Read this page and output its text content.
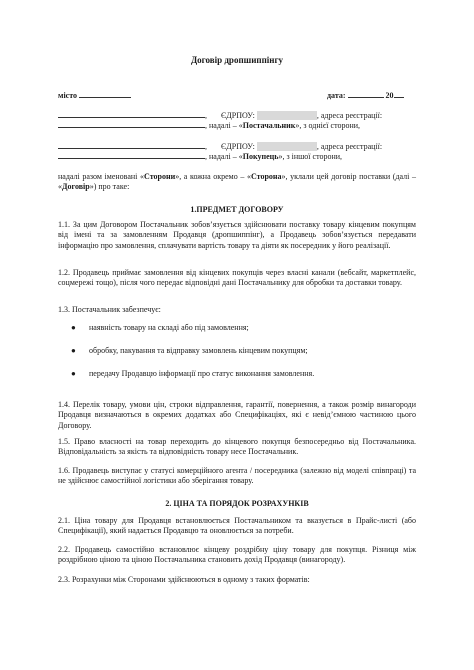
Договір дропшиппінгу
місто	дата:	20
, ЄДРПОУ:	, адреса реєстрації:
, надалі – «Постачальник», з однієї сторони,
, ЄДРПОУ:	, адреса реєстрації:
, надалі – «Покупець», з іншої сторони,

надалі разом іменовані «Сторони», а кожна окремо – «Сторона», уклали цей договір поставки (далі – «Договір») про таке:

1.ПРЕДМЕТ ДОГОВОРУ

1.1. За цим Договором Постачальник зобов’язується здійснювати поставку товару кінцевим покупцям від імені та за замовленням Продавця (дропшиппінг), а Продавець зобов’язується передавати інформацію про замовлення, сплачувати вартість товару та діяти як посередник у його реалізації.

1.2. Продавець приймає замовлення від кінцевих покупців через власні канали (вебсайт, маркетплейс, соцмережі тощо), після чого передає відповідні дані Постачальнику для обробки та доставки товару.

1.3. Постачальник забезпечує:

● наявність товару на складі або під замовлення;
● обробку, пакування та відправку замовлень кінцевим покупцям;
● передачу Продавцю інформації про статус виконання замовлення.

1.4. Перелік товару, умови цін, строки відправлення, гарантії, повернення, а також розмір винагороди Продавця визначаються в окремих додатках або Специфікаціях, які є невід’ємною частиною цього Договору.

1.5. Право власності на товар переходить до кінцевого покупця безпосередньо від Постачальника. Відповідальність за якість та відповідність товару несе Постачальник.

1.6. Продавець виступає у статусі комерційного агента / посередника (залежно від моделі співпраці) та не здійснює самостійної логістики або зберігання товару.

2. ЦІНА ТА ПОРЯДОК РОЗРАХУНКІВ

2.1. Ціна товару для Продавця встановлюється Постачальником та вказується в Прайс-листі (або Специфікації), який надається Продавцю та оновлюється за потреби.

2.2. Продавець самостійно встановлює кінцеву роздрібну ціну товару для покупця. Різниця між роздрібною ціною та ціною Постачальника становить дохід Продавця (винагороду).

2.3. Розрахунки між Сторонами здійснюються в одному з таких форматів:
